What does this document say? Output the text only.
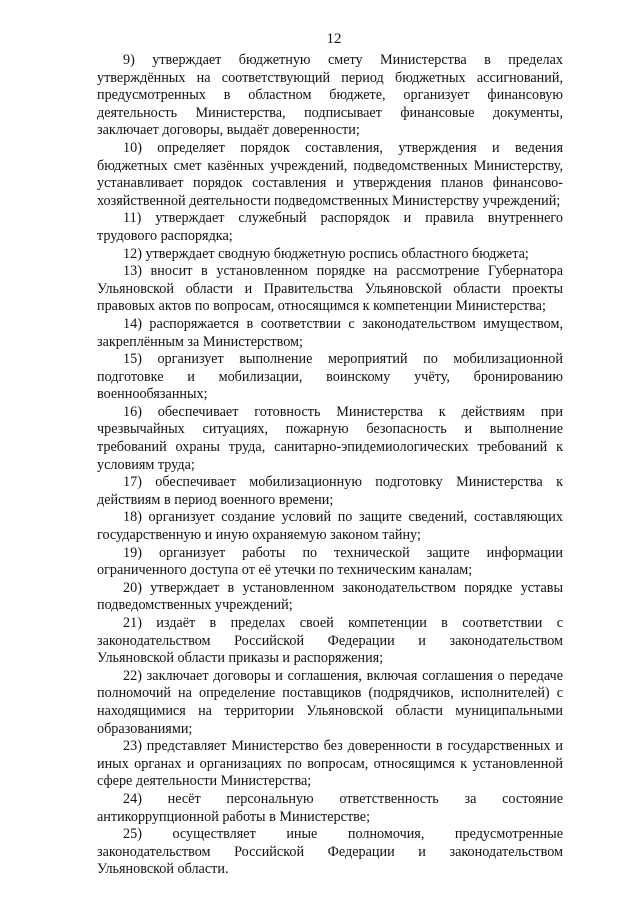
12

9) утверждает бюджетную смету Министерства в пределах утверждённых на соответствующий период бюджетных ассигнований, предусмотренных в областном бюджете, организует финансовую деятельность Министерства, подписывает финансовые документы, заключает договоры, выдаёт доверенности;

10) определяет порядок составления, утверждения и ведения бюджетных смет казённых учреждений, подведомственных Министерству, устанавливает порядок составления и утверждения планов финансово-хозяйственной деятельности подведомственных Министерству учреждений;

11) утверждает служебный распорядок и правила внутреннего трудового распорядка;

12) утверждает сводную бюджетную роспись областного бюджета;

13) вносит в установленном порядке на рассмотрение Губернатора Ульяновской области и Правительства Ульяновской области проекты правовых актов по вопросам, относящимся к компетенции Министерства;

14) распоряжается в соответствии с законодательством имуществом, закреплённым за Министерством;

15) организует выполнение мероприятий по мобилизационной подготовке и мобилизации, воинскому учёту, бронированию военнообязанных;

16) обеспечивает готовность Министерства к действиям при чрезвычайных ситуациях, пожарную безопасность и выполнение требований охраны труда, санитарно-эпидемиологических требований к условиям труда;

17) обеспечивает мобилизационную подготовку Министерства к действиям в период военного времени;

18) организует создание условий по защите сведений, составляющих государственную и иную охраняемую законом тайну;

19) организует работы по технической защите информации ограниченного доступа от её утечки по техническим каналам;

20) утверждает в установленном законодательством порядке уставы подведомственных учреждений;

21) издаёт в пределах своей компетенции в соответствии с законодательством Российской Федерации и законодательством Ульяновской области приказы и распоряжения;

22) заключает договоры и соглашения, включая соглашения о передаче полномочий на определение поставщиков (подрядчиков, исполнителей) с находящимися на территории Ульяновской области муниципальными образованиями;

23) представляет Министерство без доверенности в государственных и иных органах и организациях по вопросам, относящимся к установленной сфере деятельности Министерства;

24) несёт персональную ответственность за состояние антикоррупционной работы в Министерстве;

25) осуществляет иные полномочия, предусмотренные законодательством Российской Федерации и законодательством Ульяновской области.
